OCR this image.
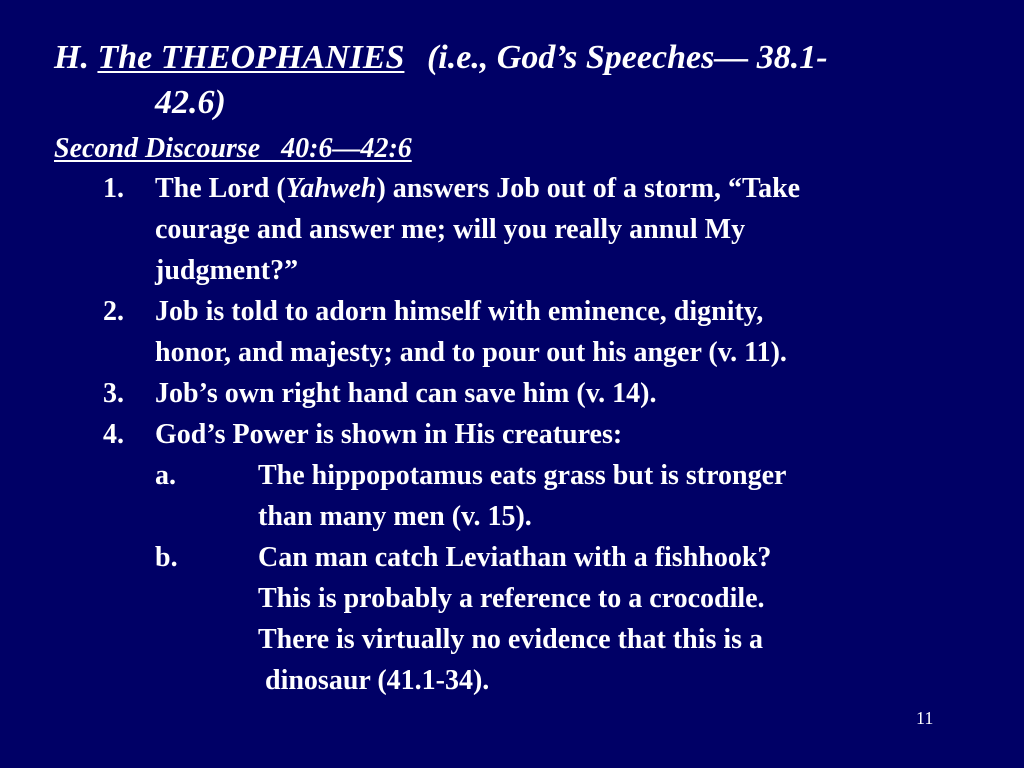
H. The THEOPHANIES (i.e., God’s Speeches— 38.1-
42.6)
Second Discourse   40:6—42:6
1. The Lord (Yahweh) answers Job out of a storm, “Take
courage and answer me; will you really annul My
judgment?”
2. Job is told to adorn himself with eminence, dignity,
honor, and majesty; and to pour out his anger (v. 11).
3. Job’s own right hand can save him (v. 14).
4. God’s Power is shown in His creatures:
a.	The hippopotamus eats grass but is stronger
than many men (v. 15).
b.	Can man catch Leviathan with a fishhook?
This is probably a reference to a crocodile.
There is virtually no evidence that this is a
dinosaur (41.1-34).
11
